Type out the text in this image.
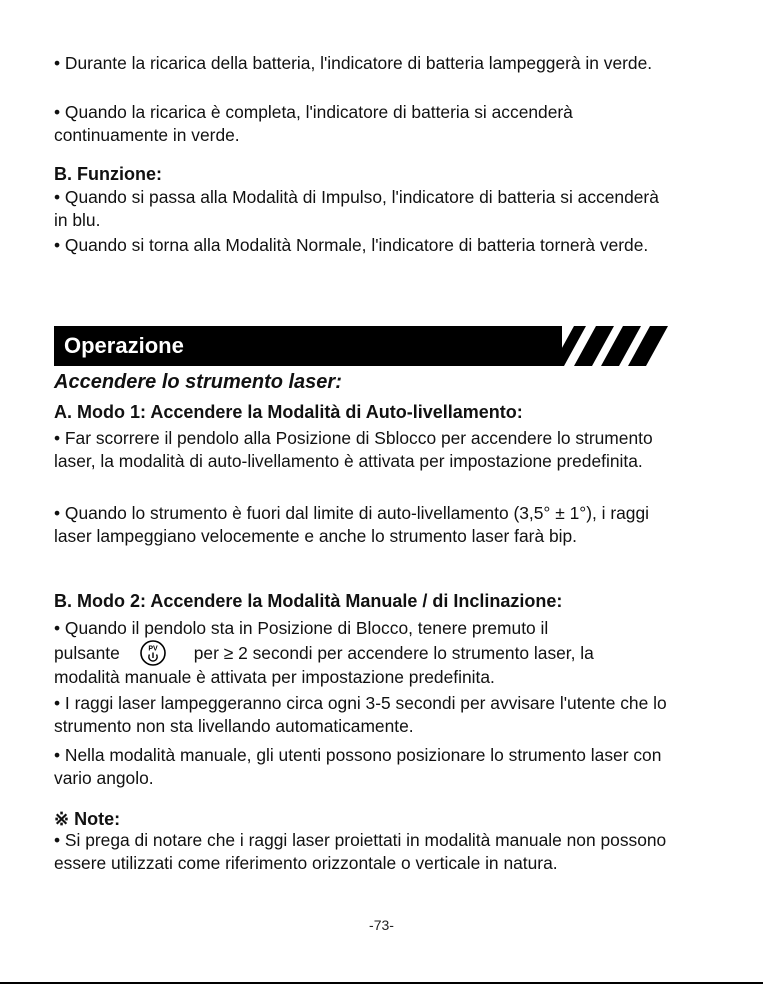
• Durante la ricarica della batteria, l'indicatore di batteria lampeggerà in verde.

• Quando la ricarica è completa, l'indicatore di batteria si accenderà continuamente in verde.

B. Funzione:

• Quando si passa alla Modalità di Impulso, l'indicatore di batteria si accenderà in blu.

• Quando si torna alla Modalità Normale, l'indicatore di batteria tornerà verde.

Operazione
Accendere lo strumento laser:
A. Modo 1: Accendere la Modalità di Auto-livellamento:

• Far scorrere il pendolo alla Posizione di Sblocco per accendere lo strumento laser, la modalità di auto-livellamento è attivata per impostazione predefinita.

• Quando lo strumento è fuori dal limite di auto-livellamento (3,5° ± 1°), i raggi laser lampeggiano velocemente e anche lo strumento laser farà bip.

B. Modo 2: Accendere la Modalità Manuale / di Inclinazione:

• Quando il pendolo sta in Posizione di Blocco, tenere premuto il
pulsante	PV per ≥ 2 secondi per accendere lo strumento laser, la
modalità manuale è attivata per impostazione predefinita.

• I raggi laser lampeggeranno circa ogni 3-5 secondi per avvisare l'utente che lo strumento non sta livellando automaticamente.

• Nella modalità manuale, gli utenti possono posizionare lo strumento laser con vario angolo.

※ Note:

• Si prega di notare che i raggi laser proiettati in modalità manuale non possono essere utilizzati come riferimento orizzontale o verticale in natura.

-73-
